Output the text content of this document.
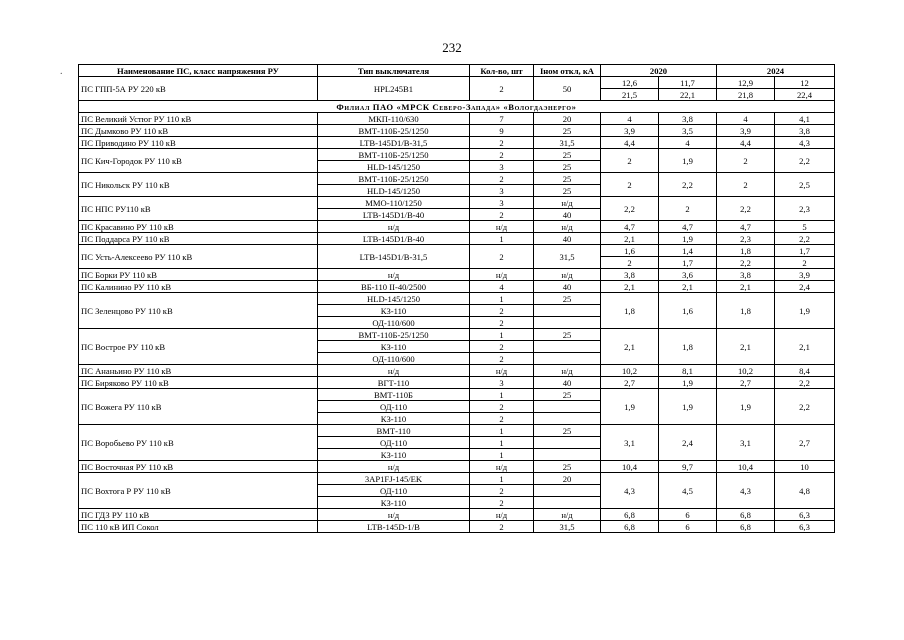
232
.	Наименование ПС, класс напряжения РУ	Тип выключателя	Кол-во, шт	Iном откл, кА	2020		2024	
ПС ГПП-5А РУ 220 кВ	HPL245B1	2	50	12,6	11,7	12,9	12
				21,5	22,1	21,8	22,4
Филиал ПАО «МРСК Северо-Запада» «Вологдаэнерго»							
ПС Великий Устюг РУ 110 кВ	МКП-110/630	7	20	4	3,8	4	4,1
ПС Дымково РУ 110 кВ	ВМТ-110Б-25/1250	9	25	3,9	3,5	3,9	3,8
ПС Приводино РУ 110 кВ	LTB-145D1/B-31,5	2	31,5	4,4	4	4,4	4,3
ПС Кич-Городок РУ 110 кВ	ВМТ-110Б-25/1250	2	25	2	1,9	2	2,2
	HLD-145/1250	3	25				
ПС Никольск РУ 110 кВ	ВМТ-110Б-25/1250	2	25	2	2,2	2	2,5
	HLD-145/1250	3	25				
ПС НПС РУ110 кВ	ММО-110/1250	3	н/д	2,2	2	2,2	2,3
	LTB-145D1/B-40	2	40				
ПС Красавино РУ 110 кВ	н/д	н/д	н/д	4,7	4,7	4,7	5
ПС Поддарса РУ 110 кВ	LTB-145D1/B-40	1	40	2,1	1,9	2,3	2,2
ПС Усть-Алексеево РУ 110 кВ	LTB-145D1/B-31,5	2	31,5	1,6	1,4	1,8	1,7
				2	1,7	2,2	2
ПС Борки РУ 110 кВ	н/д	н/д	н/д	3,8	3,6	3,8	3,9
ПС Калинино РУ 110 кВ	ВБ-110 II-40/2500	4	40	2,1	2,1	2,1	2,4
ПС Зеленцово РУ 110 кВ	HLD-145/1250	1	25	1,8	1,6	1,8	1,9
	КЗ-110	2					
	ОД-110/600	2					
ПС Вострое РУ 110 кВ	ВМТ-110Б-25/1250	1	25	2,1	1,8	2,1	2,1
	КЗ-110	2					
	ОД-110/600	2					
ПС Ананьино РУ 110 кВ	н/д	н/д	н/д	10,2	8,1	10,2	8,4
ПС Биряково РУ 110 кВ	ВГТ-110	3	40	2,7	1,9	2,7	2,2
ПС Вожега РУ 110 кВ	ВМТ-110Б	1	25	1,9	1,9	1,9	2,2
	ОД-110	2					
	КЗ-110	2					
ПС Воробьево РУ 110 кВ	ВМТ-110	1	25	3,1	2,4	3,1	2,7
	ОД-110	1					
	КЗ-110	1					
ПС Восточная РУ 110 кВ	н/д	н/д	25	10,4	9,7	10,4	10
ПС Вохтога Р РУ 110 кВ	3AP1FJ-145/EK	1	20	4,3	4,5	4,3	4,8
	ОД-110	2					
	КЗ-110	2					
ПС ГДЗ РУ 110 кВ	н/д	н/д	н/д	6,8	6	6,8	6,3
ПС 110 кВ ИП Сокол	LTB-145D-1/B	2	31,5	6,8	6	6,8	6,3
